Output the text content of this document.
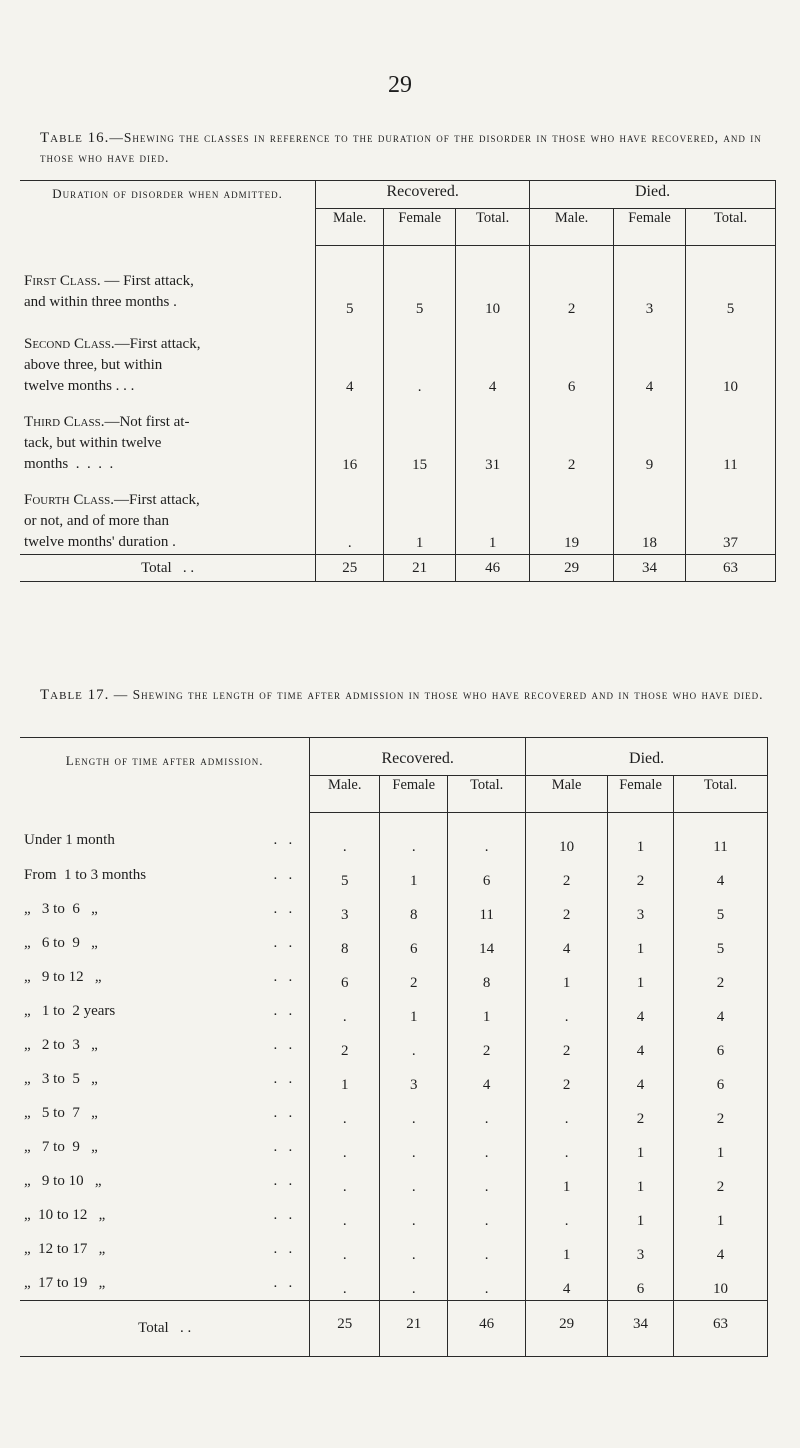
29
Table 16.—Shewing the classes in reference to the duration of the disorder in those who have recovered, and in those who have died.
Duration of disorder when admitted.	Recovered.			Died.		
	Male.	Female	Total.	Male.	Female	Total.
First Class. — First attack,
and within three months .	5	5	10	2	3	5
Second Class.—First attack,
above three, but within
twelve months . . .	4	.	4	6	4	10
Third Class.—Not first at-
tack, but within twelve
months  .  .  .  .	16	15	31	2	9	11
Fourth Class.—First attack,
or not, and of more than
twelve months' duration .	.	1	1	19	18	37
Total . .	25	21	46	29	34	63
Table 17. — Shewing the length of time after admission in those who have recovered and in those who have died.
Length of time after admission.	Recovered.			Died.		
	Male.	Female	Total.	Male	Female	Total.
Under 1 month .   .	.	.	.	10	1	11
From  1 to 3 months .   .	5	1	6	2	2	4
„   3 to  6   „ .   .	3	8	11	2	3	5
„   6 to  9   „ .   .	8	6	14	4	1	5
„   9 to 12   „ .   .	6	2	8	1	1	2
„   1 to  2 years .   .	.	1	1	.	4	4
„   2 to  3   „ .   .	2	.	2	2	4	6
„   3 to  5   „ .   .	1	3	4	2	4	6
„   5 to  7   „ .   .	.	.	.	.	2	2
„   7 to  9   „ .   .	.	.	.	.	1	1
„   9 to 10   „ .   .	.	.	.	1	1	2
„  10 to 12   „ .   .	.	.	.	.	1	1
„  12 to 17   „ .   .	.	.	.	1	3	4
„  17 to 19   „ .   .	.	.	.	4	6	10
Total . .	25	21	46	29	34	63
